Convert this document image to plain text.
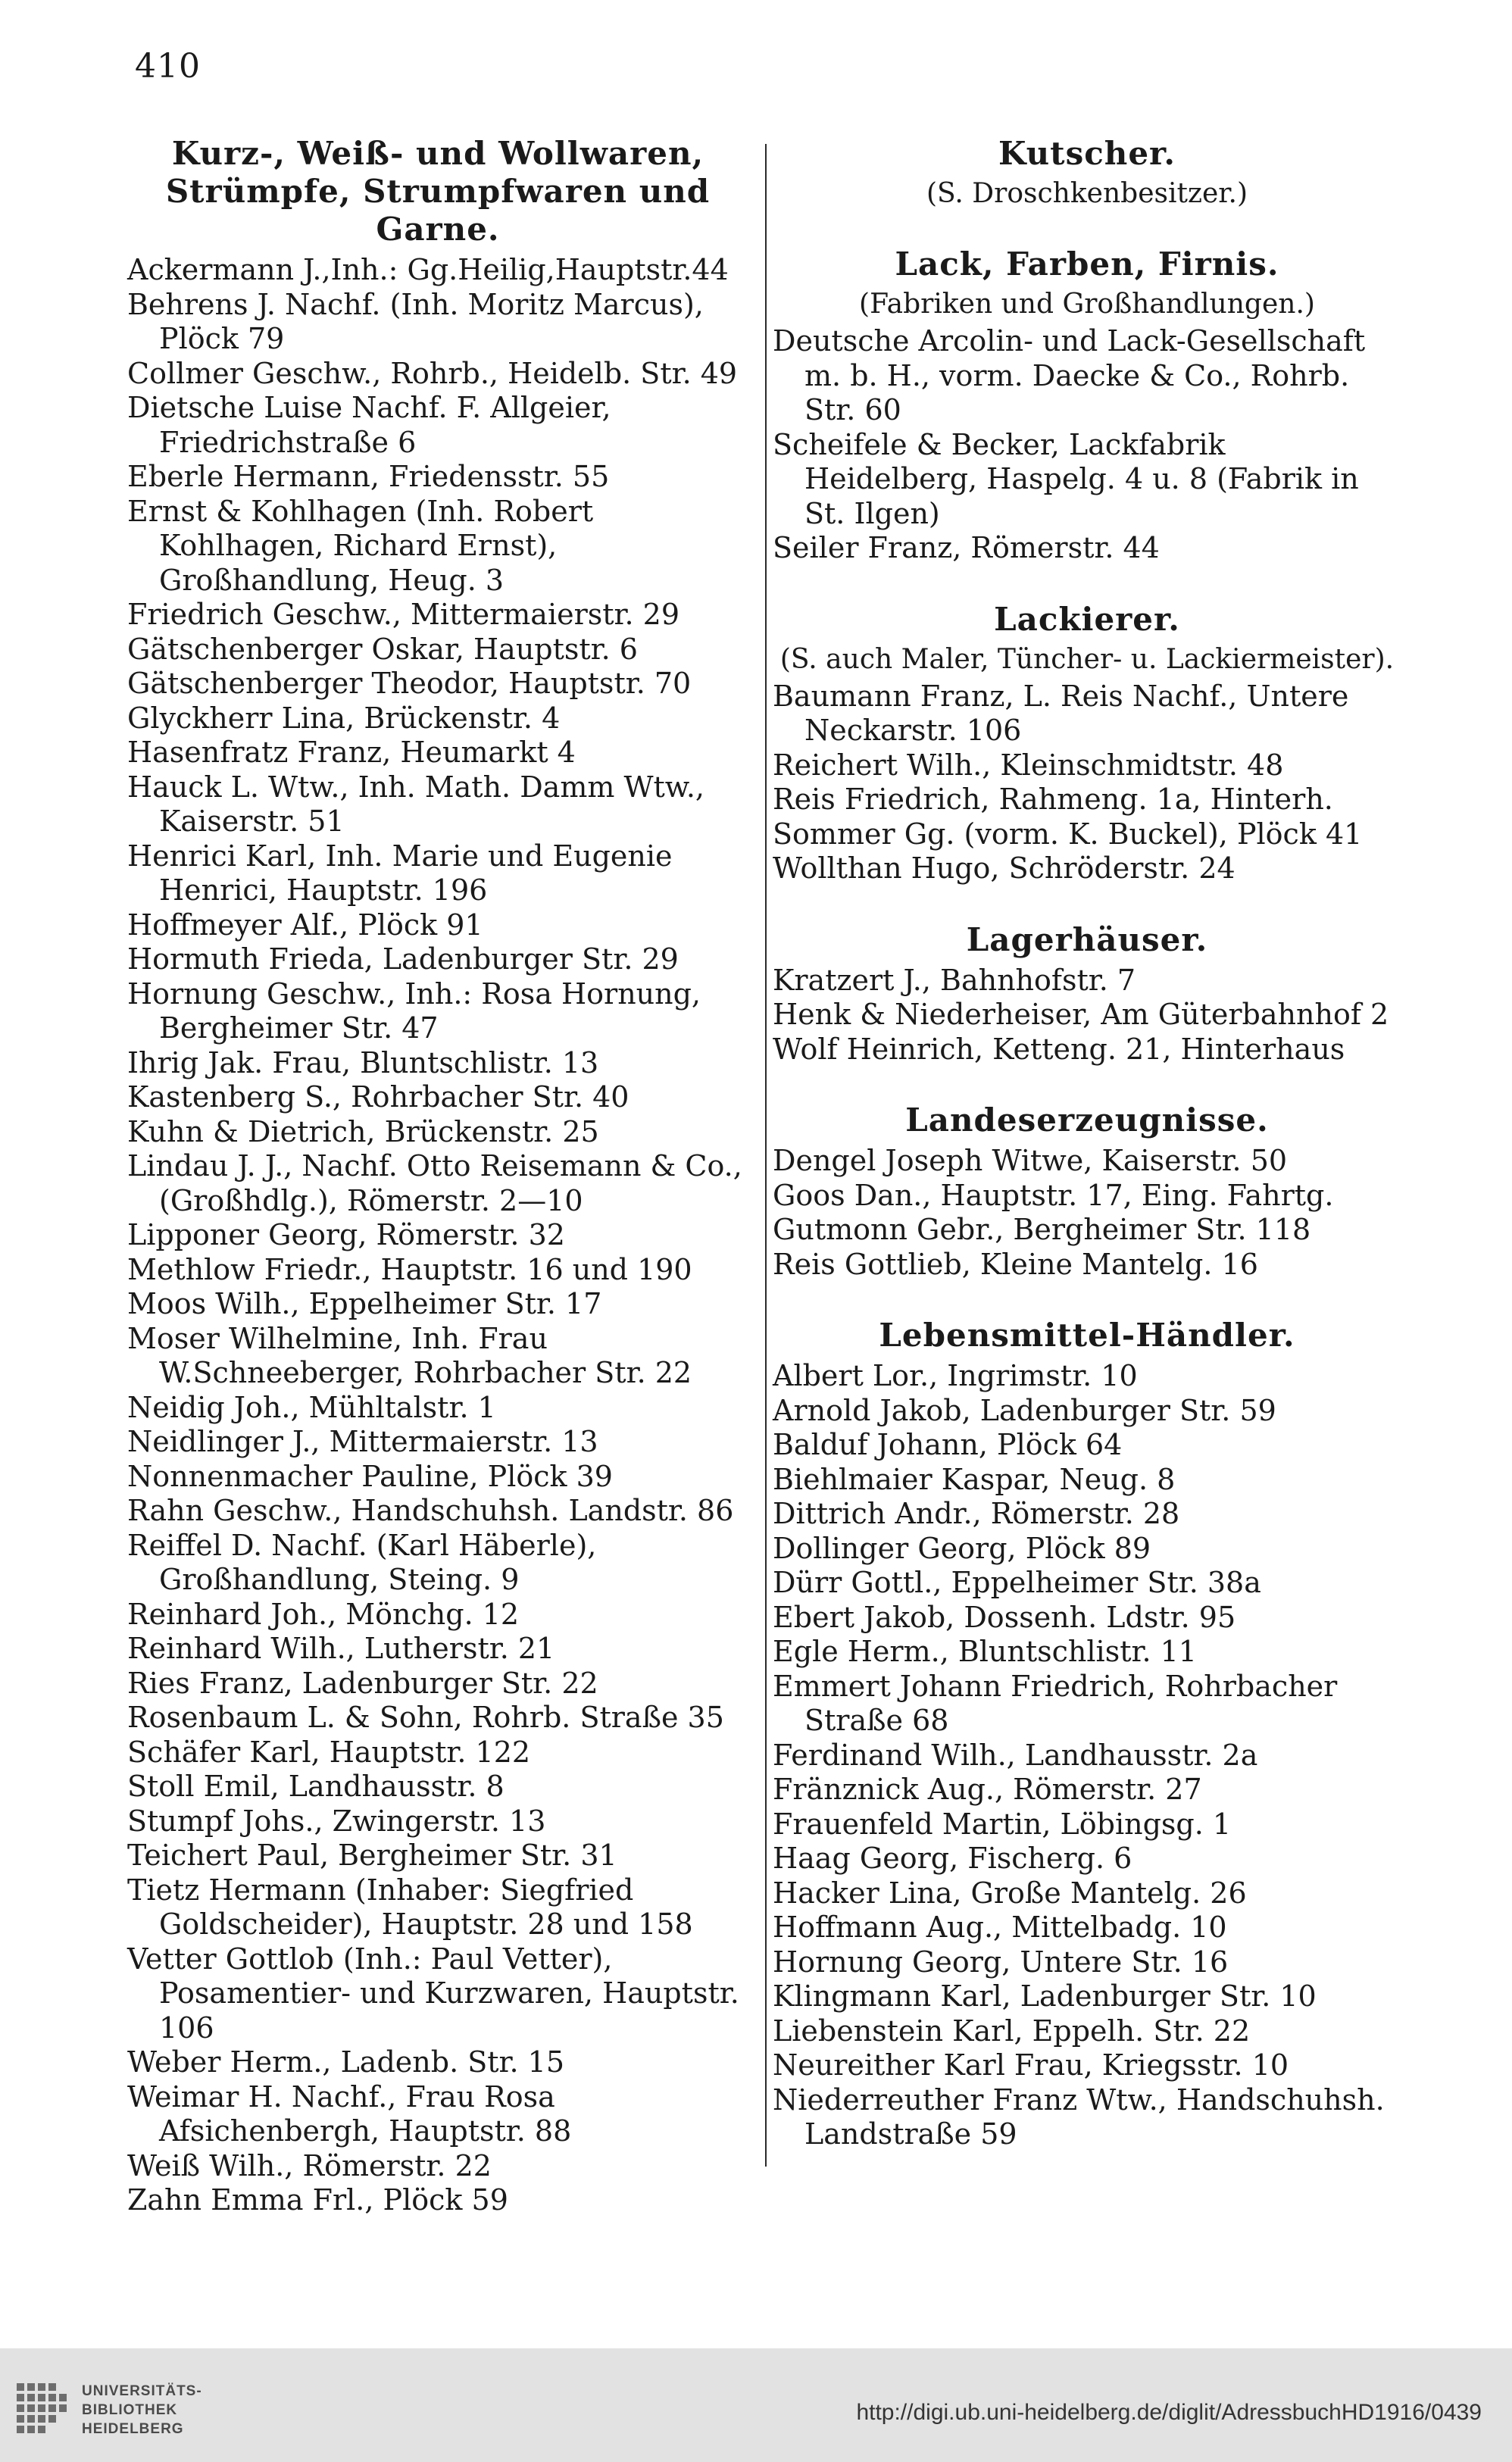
410
Kurz-, Weiß- und Wollwaren, Strümpfe, Strumpfwaren und Garne.
Ackermann J.,Inh.: Gg.Heilig,Hauptstr.44
Behrens J. Nachf. (Inh. Moritz Marcus), Plöck 79
Collmer Geschw., Rohrb., Heidelb. Str. 49
Dietsche Luise Nachf. F. Allgeier, Friedrichstraße 6
Eberle Hermann, Friedensstr. 55
Ernst & Kohlhagen (Inh. Robert Kohlhagen, Richard Ernst), Großhandlung, Heug. 3
Friedrich Geschw., Mittermaierstr. 29
Gätschenberger Oskar, Hauptstr. 6
Gätschenberger Theodor, Hauptstr. 70
Glyckherr Lina, Brückenstr. 4
Hasenfratz Franz, Heumarkt 4
Hauck L. Wtw., Inh. Math. Damm Wtw., Kaiserstr. 51
Henrici Karl, Inh. Marie und Eugenie Henrici, Hauptstr. 196
Hoffmeyer Alf., Plöck 91
Hormuth Frieda, Ladenburger Str. 29
Hornung Geschw., Inh.: Rosa Hornung, Bergheimer Str. 47
Ihrig Jak. Frau, Bluntschlistr. 13
Kastenberg S., Rohrbacher Str. 40
Kuhn & Dietrich, Brückenstr. 25
Lindau J. J., Nachf. Otto Reisemann & Co., (Großhdlg.), Römerstr. 2—10
Lipponer Georg, Römerstr. 32
Methlow Friedr., Hauptstr. 16 und 190
Moos Wilh., Eppelheimer Str. 17
Moser Wilhelmine, Inh. Frau W.Schneeberger, Rohrbacher Str. 22
Neidig Joh., Mühltalstr. 1
Neidlinger J., Mittermaierstr. 13
Nonnenmacher Pauline, Plöck 39
Rahn Geschw., Handschuhsh. Landstr. 86
Reiffel D. Nachf. (Karl Häberle), Großhandlung, Steing. 9
Reinhard Joh., Mönchg. 12
Reinhard Wilh., Lutherstr. 21
Ries Franz, Ladenburger Str. 22
Rosenbaum L. & Sohn, Rohrb. Straße 35
Schäfer Karl, Hauptstr. 122
Stoll Emil, Landhausstr. 8
Stumpf Johs., Zwingerstr. 13
Teichert Paul, Bergheimer Str. 31
Tietz Hermann (Inhaber: Siegfried Goldscheider), Hauptstr. 28 und 158
Vetter Gottlob (Inh.: Paul Vetter), Posamentier- und Kurzwaren, Hauptstr. 106
Weber Herm., Ladenb. Str. 15
Weimar H. Nachf., Frau Rosa Afsichenbergh, Hauptstr. 88
Weiß Wilh., Römerstr. 22
Zahn Emma Frl., Plöck 59
Kutscher.
(S. Droschkenbesitzer.)
Lack, Farben, Firnis.
(Fabriken und Großhandlungen.)
Deutsche Arcolin- und Lack-Gesellschaft m. b. H., vorm. Daecke & Co., Rohrb. Str. 60
Scheifele & Becker, Lackfabrik Heidelberg, Haspelg. 4 u. 8 (Fabrik in St. Ilgen)
Seiler Franz, Römerstr. 44
Lackierer.
(S. auch Maler, Tüncher- u. Lackiermeister).
Baumann Franz, L. Reis Nachf., Untere Neckarstr. 106
Reichert Wilh., Kleinschmidtstr. 48
Reis Friedrich, Rahmeng. 1a, Hinterh.
Sommer Gg. (vorm. K. Buckel), Plöck 41
Wollthan Hugo, Schröderstr. 24
Lagerhäuser.
Kratzert J., Bahnhofstr. 7
Henk & Niederheiser, Am Güterbahnhof 2
Wolf Heinrich, Ketteng. 21, Hinterhaus
Landeserzeugnisse.
Dengel Joseph Witwe, Kaiserstr. 50
Goos Dan., Hauptstr. 17, Eing. Fahrtg.
Gutmonn Gebr., Bergheimer Str. 118
Reis Gottlieb, Kleine Mantelg. 16
Lebensmittel-Händler.
Albert Lor., Ingrimstr. 10
Arnold Jakob, Ladenburger Str. 59
Balduf Johann, Plöck 64
Biehlmaier Kaspar, Neug. 8
Dittrich Andr., Römerstr. 28
Dollinger Georg, Plöck 89
Dürr Gottl., Eppelheimer Str. 38a
Ebert Jakob, Dossenh. Ldstr. 95
Egle Herm., Bluntschlistr. 11
Emmert Johann Friedrich, Rohrbacher Straße 68
Ferdinand Wilh., Landhausstr. 2a
Fränznick Aug., Römerstr. 27
Frauenfeld Martin, Löbingsg. 1
Haag Georg, Fischerg. 6
Hacker Lina, Große Mantelg. 26
Hoffmann Aug., Mittelbadg. 10
Hornung Georg, Untere Str. 16
Klingmann Karl, Ladenburger Str. 10
Liebenstein Karl, Eppelh. Str. 22
Neureither Karl Frau, Kriegsstr. 10
Niederreuther Franz Wtw., Handschuhsh. Landstraße 59
UNIVERSITÄTS-
BIBLIOTHEK
HEIDELBERG
http://digi.ub.uni-heidelberg.de/diglit/AdressbuchHD1916/0439
